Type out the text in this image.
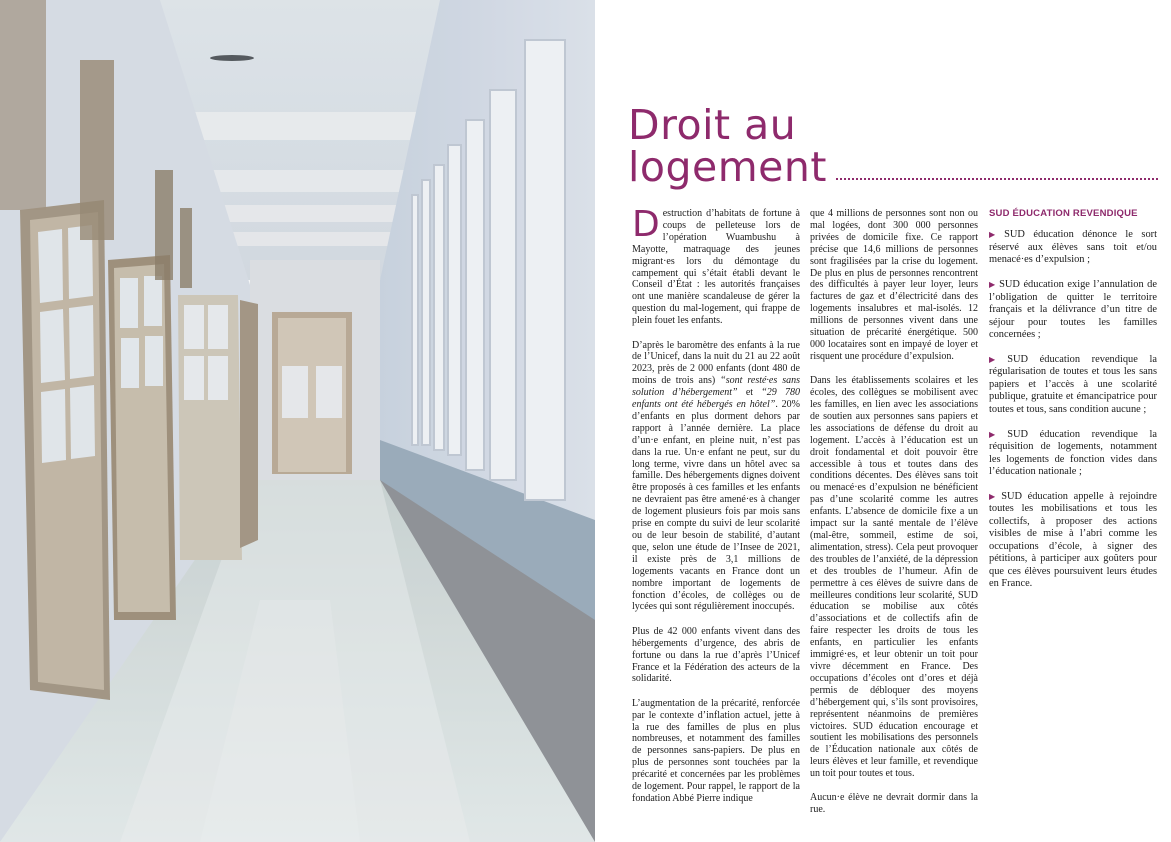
Droit au
logement

Destruction d’habitats de fortune à coups de pelleteuse lors de l’opération Wuambushu à Mayotte, matraquage des jeunes migrant·es lors du démontage du campement qui s’était établi devant le Conseil d’État : les autorités françaises ont une manière scandaleuse de gérer la question du mal-logement, qui frappe de plein fouet les enfants.

D’après le baromètre des enfants à la rue de l’Unicef, dans la nuit du 21 au 22 août 2023, près de 2 000 enfants (dont 480 de moins de trois ans) “sont resté·es sans solution d’hébergement” et “29 780 enfants ont été hébergés en hôtel”. 20% d’enfants en plus dorment dehors par rapport à l’année dernière. La place d’un·e enfant, en pleine nuit, n’est pas dans la rue. Un·e enfant ne peut, sur du long terme, vivre dans un hôtel avec sa famille. Des hébergements dignes doivent être proposés à ces familles et les enfants ne devraient pas être amené·es à changer de logement plusieurs fois par mois sans prise en compte du suivi de leur scolarité ou de leur besoin de stabilité, d’autant que, selon une étude de l’Insee de 2021, il existe près de 3,1 millions de logements vacants en France dont un nombre important de logements de fonction d’écoles, de collèges ou de lycées qui sont régulièrement inoccupés.

Plus de 42 000 enfants vivent dans des hébergements d’urgence, des abris de fortune ou dans la rue d’après l’Unicef France et la Fédération des acteurs de la solidarité.

L’augmentation de la précarité, renforcée par le contexte d’inflation actuel, jette à la rue des familles de plus en plus nombreuses, et notamment des familles de personnes sans-papiers. De plus en plus de personnes sont touchées par la précarité et concernées par les problèmes de logement. Pour rappel, le rapport de la fondation Abbé Pierre indique

que 4 millions de personnes sont non ou mal logées, dont 300 000 personnes privées de domicile fixe. Ce rapport précise que 14,6 millions de personnes sont fragilisées par la crise du logement. De plus en plus de personnes rencontrent des difficultés à payer leur loyer, leurs factures de gaz et d’électricité dans des logements insalubres et mal-isolés. 12 millions de personnes vivent dans une situation de précarité énergétique. 500 000 locataires sont en impayé de loyer et risquent une procédure d’expulsion.

Dans les établissements scolaires et les écoles, des collègues se mobilisent avec les familles, en lien avec les associations de soutien aux personnes sans papiers et les associations de défense du droit au logement. L’accès à l’éducation est un droit fondamental et doit pouvoir être accessible à tous et toutes dans des conditions décentes. Des élèves sans toit ou menacé·es d’expulsion ne bénéficient pas d’une scolarité comme les autres enfants. L’absence de domicile fixe a un impact sur la santé mentale de l’élève (mal-être, sommeil, estime de soi, alimentation, stress). Cela peut provoquer des troubles de l’anxiété, de la dépression et des troubles de l’humeur. Afin de permettre à ces élèves de suivre dans de meilleures conditions leur scolarité, SUD éducation se mobilise aux côtés d’associations et de collectifs afin de faire respecter les droits de tous les enfants, en particulier les enfants immigré·es, et leur obtenir un toit pour vivre décemment en France. Des occupations d’écoles ont d’ores et déjà permis de débloquer des moyens d’hébergement qui, s’ils sont provisoires, représentent néanmoins de premières victoires. SUD éducation encourage et soutient les mobilisations des personnels de l’Éducation nationale aux côtés de leurs élèves et leur famille, et revendique un toit pour toutes et tous.

Aucun·e élève ne devrait dormir dans la rue.

SUD ÉDUCATION REVENDIQUE

▶ SUD éducation dénonce le sort réservé aux élèves sans toit et/ou menacé·es d’expulsion ;

▶ SUD éducation exige l’annulation de l’obligation de quitter le territoire français et la délivrance d’un titre de séjour pour toutes les familles concernées ;

▶ SUD éducation revendique la régularisation de toutes et tous les sans papiers et l’accès à une scolarité publique, gratuite et émancipatrice pour toutes et tous, sans condition aucune ;

▶ SUD éducation revendique la réquisition de logements, notamment les logements de fonction vides dans l’éducation nationale ;

▶ SUD éducation appelle à rejoindre toutes les mobilisations et tous les collectifs, à proposer des actions visibles de mise à l’abri comme les occupations d’école, à signer des pétitions, à participer aux goûters pour que ces élèves poursuivent leurs études en France.
